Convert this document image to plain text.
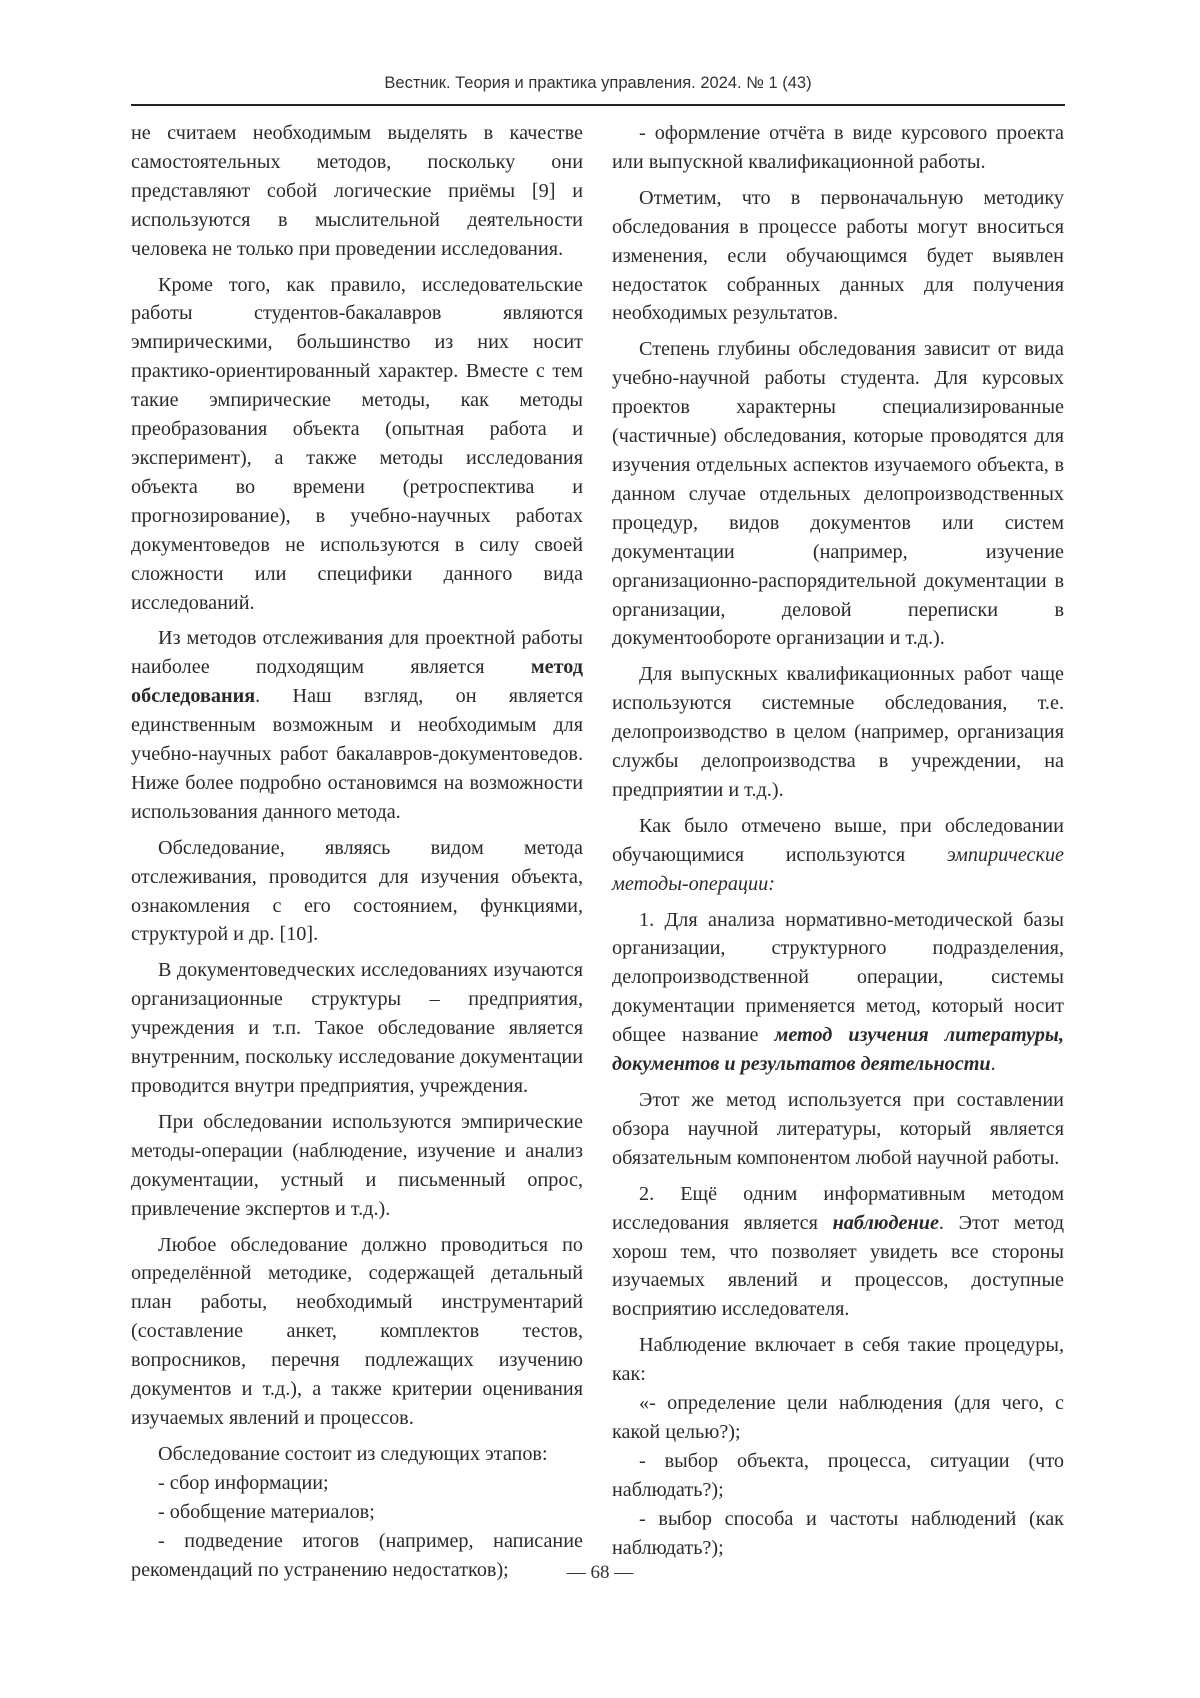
Вестник. Теория и практика управления. 2024. № 1 (43)

не считаем необходимым выделять в качестве самостоятельных методов, поскольку они представляют собой логические приёмы [9] и используются в мыслительной деятельности человека не только при проведении исследования.

Кроме того, как правило, исследовательские работы студентов-бакалавров являются эмпирическими, большинство из них носит практико-ориентированный характер. Вместе с тем такие эмпирические методы, как методы преобразования объекта (опытная работа и эксперимент), а также методы исследования объекта во времени (ретроспектива и прогнозирование), в учебно-научных работах документоведов не используются в силу своей сложности или специфики данного вида исследований.

Из методов отслеживания для проектной работы наиболее подходящим является метод обследования. Наш взгляд, он является единственным возможным и необходимым для учебно-научных работ бакалавров-документоведов. Ниже более подробно остановимся на возможности использования данного метода.

Обследование, являясь видом метода отслеживания, проводится для изучения объекта, ознакомления с его состоянием, функциями, структурой и др. [10].

В документоведческих исследованиях изучаются организационные структуры – предприятия, учреждения и т.п. Такое обследование является внутренним, поскольку исследование документации проводится внутри предприятия, учреждения.

При обследовании используются эмпирические методы-операции (наблюдение, изучение и анализ документации, устный и письменный опрос, привлечение экспертов и т.д.).

Любое обследование должно проводиться по определённой методике, содержащей детальный план работы, необходимый инструментарий (составление анкет, комплектов тестов, вопросников, перечня подлежащих изучению документов и т.д.), а также критерии оценивания изучаемых явлений и процессов.

Обследование состоит из следующих этапов:

- сбор информации;

- обобщение материалов;

- подведение итогов (например, написание рекомендаций по устранению недостатков);

- оформление отчёта в виде курсового проекта или выпускной квалификационной работы.

Отметим, что в первоначальную методику обследования в процессе работы могут вноситься изменения, если обучающимся будет выявлен недостаток собранных данных для получения необходимых результатов.

Степень глубины обследования зависит от вида учебно-научной работы студента. Для курсовых проектов характерны специализированные (частичные) обследования, которые проводятся для изучения отдельных аспектов изучаемого объекта, в данном случае отдельных делопроизводственных процедур, видов документов или систем документации (например, изучение организационно-распорядительной документации в организации, деловой переписки в документообороте организации и т.д.).

Для выпускных квалификационных работ чаще используются системные обследования, т.е. делопроизводство в целом (например, организация службы делопроизводства в учреждении, на предприятии и т.д.).

Как было отмечено выше, при обследовании обучающимися используются эмпирические методы-операции:

1. Для анализа нормативно-методической базы организации, структурного подразделения, делопроизводственной операции, системы документации применяется метод, который носит общее название метод изучения литературы, документов и результатов деятельности.

Этот же метод используется при составлении обзора научной литературы, который является обязательным компонентом любой научной работы.

2. Ещё одним информативным методом исследования является наблюдение. Этот метод хорош тем, что позволяет увидеть все стороны изучаемых явлений и процессов, доступные восприятию исследователя.

Наблюдение включает в себя такие процедуры, как:

«- определение цели наблюдения (для чего, с какой целью?);

- выбор объекта, процесса, ситуации (что наблюдать?);

- выбор способа и частоты наблюдений (как наблюдать?);

— 68 —
